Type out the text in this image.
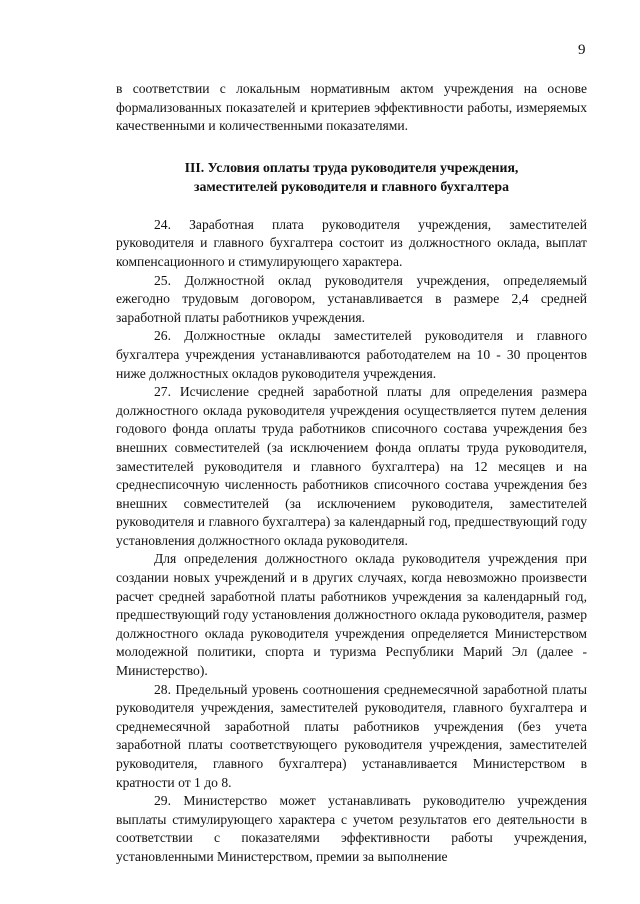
9

в соответствии с локальным нормативным актом учреждения на основе формализованных показателей и критериев эффективности работы, измеряемых качественными и количественными показателями.

III. Условия оплаты труда руководителя учреждения,
заместителей руководителя и главного бухгалтера

24. Заработная плата руководителя учреждения, заместителей руководителя и главного бухгалтера состоит из должностного оклада, выплат компенсационного и стимулирующего характера.

25. Должностной оклад руководителя учреждения, определяемый ежегодно трудовым договором, устанавливается в размере 2,4 средней заработной платы работников учреждения.

26. Должностные оклады заместителей руководителя и главного бухгалтера учреждения устанавливаются работодателем на 10 - 30 процентов ниже должностных окладов руководителя учреждения.

27. Исчисление средней заработной платы для определения размера должностного оклада руководителя учреждения осуществляется путем деления годового фонда оплаты труда работников списочного состава учреждения без внешних совместителей (за исключением фонда оплаты труда руководителя, заместителей руководителя и главного бухгалтера) на 12 месяцев и на среднесписочную численность работников списочного состава учреждения без внешних совместителей (за исключением руководителя, заместителей руководителя и главного бухгалтера) за календарный год, предшествующий году установления должностного оклада руководителя.

Для определения должностного оклада руководителя учреждения при создании новых учреждений и в других случаях, когда невозможно произвести расчет средней заработной платы работников учреждения за календарный год, предшествующий году установления должностного оклада руководителя, размер должностного оклада руководителя учреждения определяется Министерством молодежной политики, спорта и туризма Республики Марий Эл (далее - Министерство).

28. Предельный уровень соотношения среднемесячной заработной платы руководителя учреждения, заместителей руководителя, главного бухгалтера и среднемесячной заработной платы работников учреждения (без учета заработной платы соответствующего руководителя учреждения, заместителей руководителя, главного бухгалтера) устанавливается Министерством в кратности от 1 до 8.

29. Министерство может устанавливать руководителю учреждения выплаты стимулирующего характера с учетом результатов его деятельности в соответствии с показателями эффективности работы учреждения, установленными Министерством, премии за выполнение
